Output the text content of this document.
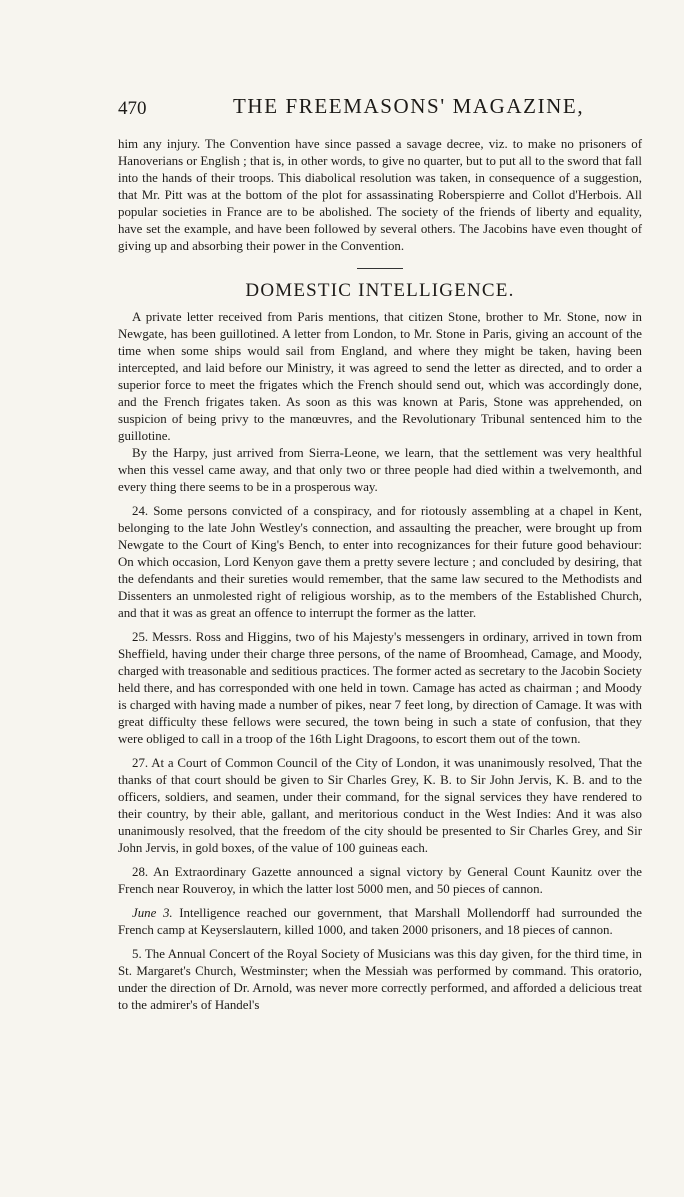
470	THE FREEMASONS' MAGAZINE,

him any injury. The Convention have since passed a savage decree, viz. to make no prisoners of Hanoverians or English ; that is, in other words, to give no quarter, but to put all to the sword that fall into the hands of their troops. This diabolical resolution was taken, in consequence of a suggestion, that Mr. Pitt was at the bottom of the plot for assassinating Roberspierre and Collot d'Herbois. All popular societies in France are to be abolished. The society of the friends of liberty and equality, have set the example, and have been followed by several others. The Jacobins have even thought of giving up and absorbing their power in the Convention.

DOMESTIC INTELLIGENCE.

A private letter received from Paris mentions, that citizen Stone, brother to Mr. Stone, now in Newgate, has been guillotined. A letter from London, to Mr. Stone in Paris, giving an account of the time when some ships would sail from England, and where they might be taken, having been intercepted, and laid before our Ministry, it was agreed to send the letter as directed, and to order a superior force to meet the frigates which the French should send out, which was accordingly done, and the French frigates taken. As soon as this was known at Paris, Stone was apprehended, on suspicion of being privy to the manœuvres, and the Revolutionary Tribunal sentenced him to the guillotine.

By the Harpy, just arrived from Sierra-Leone, we learn, that the settlement was very healthful when this vessel came away, and that only two or three people had died within a twelvemonth, and every thing there seems to be in a prosperous way.

24. Some persons convicted of a conspiracy, and for riotously assembling at a chapel in Kent, belonging to the late John Westley's connection, and assaulting the preacher, were brought up from Newgate to the Court of King's Bench, to enter into recognizances for their future good behaviour: On which occasion, Lord Kenyon gave them a pretty severe lecture ; and concluded by desiring, that the defendants and their sureties would remember, that the same law secured to the Methodists and Dissenters an unmolested right of religious worship, as to the members of the Established Church, and that it was as great an offence to interrupt the former as the latter.

25. Messrs. Ross and Higgins, two of his Majesty's messengers in ordinary, arrived in town from Sheffield, having under their charge three persons, of the name of Broomhead, Camage, and Moody, charged with treasonable and seditious practices. The former acted as secretary to the Jacobin Society held there, and has corresponded with one held in town. Camage has acted as chairman ; and Moody is charged with having made a number of pikes, near 7 feet long, by direction of Camage. It was with great difficulty these fellows were secured, the town being in such a state of confusion, that they were obliged to call in a troop of the 16th Light Dragoons, to escort them out of the town.

27. At a Court of Common Council of the City of London, it was unanimously resolved, That the thanks of that court should be given to Sir Charles Grey, K. B. to Sir John Jervis, K. B. and to the officers, soldiers, and seamen, under their command, for the signal services they have rendered to their country, by their able, gallant, and meritorious conduct in the West Indies: And it was also unanimously resolved, that the freedom of the city should be presented to Sir Charles Grey, and Sir John Jervis, in gold boxes, of the value of 100 guineas each.

28. An Extraordinary Gazette announced a signal victory by General Count Kaunitz over the French near Rouveroy, in which the latter lost 5000 men, and 50 pieces of cannon.

June 3. Intelligence reached our government, that Marshall Mollendorff had surrounded the French camp at Keyserslautern, killed 1000, and taken 2000 prisoners, and 18 pieces of cannon.

5. The Annual Concert of the Royal Society of Musicians was this day given, for the third time, in St. Margaret's Church, Westminster; when the Messiah was performed by command. This oratorio, under the direction of Dr. Arnold, was never more correctly performed, and afforded a delicious treat to the admirer's of Handel's
